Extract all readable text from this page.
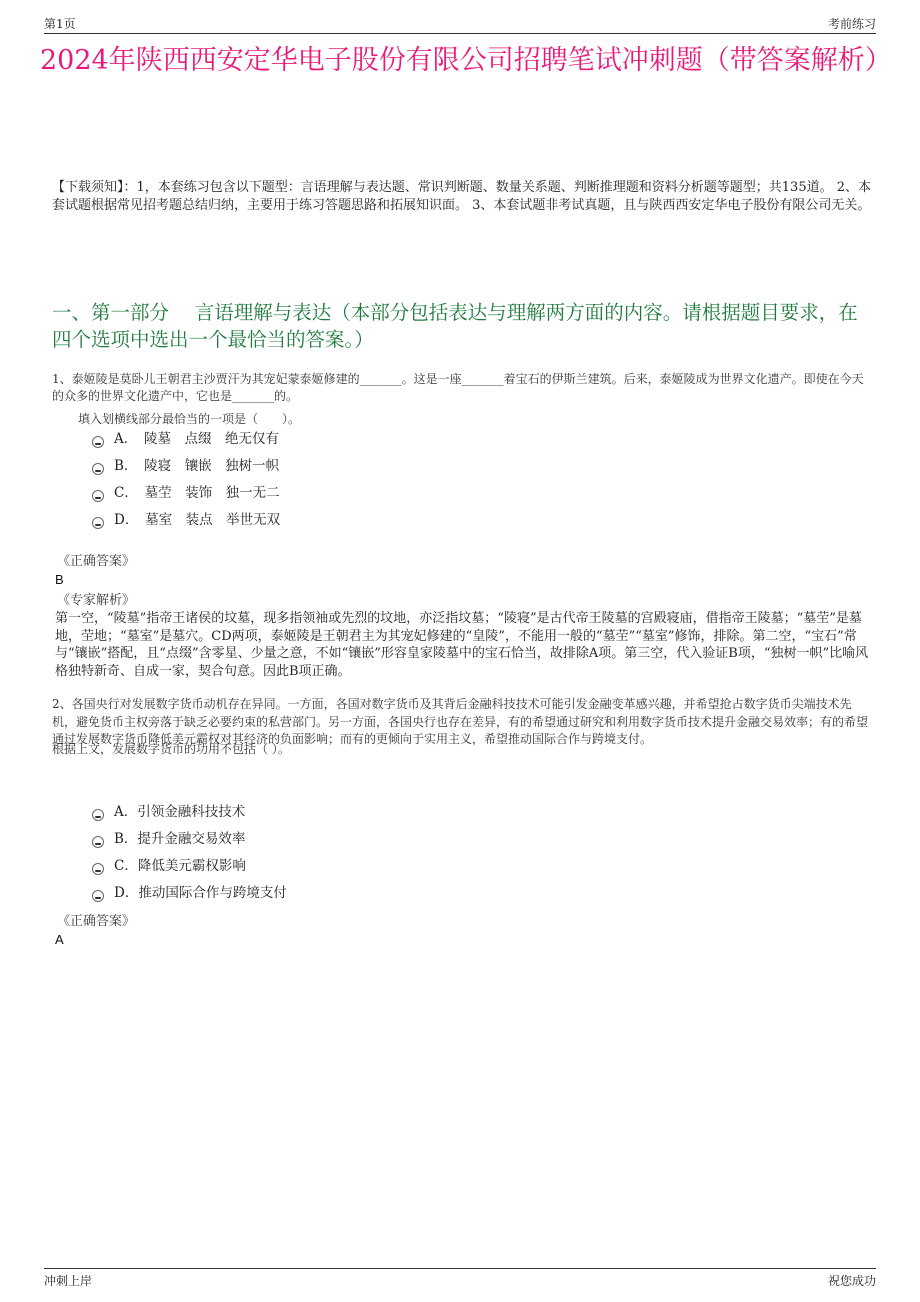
第1页	考前练习
2024年陕西西安定华电子股份有限公司招聘笔试冲刺题（带答案解析）
【下载须知】：1，本套练习包含以下题型：言语理解与表达题、常识判断题、数量关系题、判断推理题和资料分析题等题型；共135道。 2、本套试题根据常见招考题总结归纳，主要用于练习答题思路和拓展知识面。 3、本套试题非考试真题，且与陕西西安定华电子股份有限公司无关。
一、第一部分　 言语理解与表达（本部分包括表达与理解两方面的内容。请根据题目要求，在四个选项中选出一个最恰当的答案。）
1、泰姬陵是莫卧儿王朝君主沙贾汗为其宠妃蒙泰姬修建的_______。这是一座_______着宝石的伊斯兰建筑。后来，泰姬陵成为世界文化遗产。即使在今天的众多的世界文化遗产中，它也是_______的。
填入划横线部分最恰当的一项是（　　）。
A．　陵墓　点缀　绝无仅有
B．　陵寝　镶嵌　独树一帜
C．　墓茔　装饰　独一无二
D．　墓室　装点　举世无双
《正确答案》
B
《专家解析》
第一空，“陵墓”指帝王诸侯的坟墓，现多指领袖或先烈的坟地，亦泛指坟墓；“陵寝”是古代帝王陵墓的宫殿寝庙，借指帝王陵墓；“墓茔”是墓地，茔地；“墓室”是墓穴。CD两项，泰姬陵是王朝君主为其宠妃修建的“皇陵”，不能用一般的“墓茔”“墓室”修饰，排除。第二空，“宝石”常与“镶嵌”搭配，且“点缀”含零星、少量之意，不如“镶嵌”形容皇家陵墓中的宝石恰当，故排除A项。第三空，代入验证B项，“独树一帜”比喻风格独特新奇、自成一家，契合句意。因此B项正确。
2、各国央行对发展数字货币动机存在异同。一方面，各国对数字货币及其背后金融科技技术可能引发金融变革感兴趣，并希望抢占数字货币尖端技术先机，避免货币主权旁落于缺乏必要约束的私营部门。另一方面，各国央行也存在差异，有的希望通过研究和利用数字货币技术提升金融交易效率；有的希望通过发展数字货币降低美元霸权对其经济的负面影响；而有的更倾向于实用主义，希望推动国际合作与跨境支付。
根据上文，发展数字货币的功用不包括（ ）。
A．引领金融科技技术
B．提升金融交易效率
C．降低美元霸权影响
D．推动国际合作与跨境支付
《正确答案》
A
冲刺上岸	祝您成功
